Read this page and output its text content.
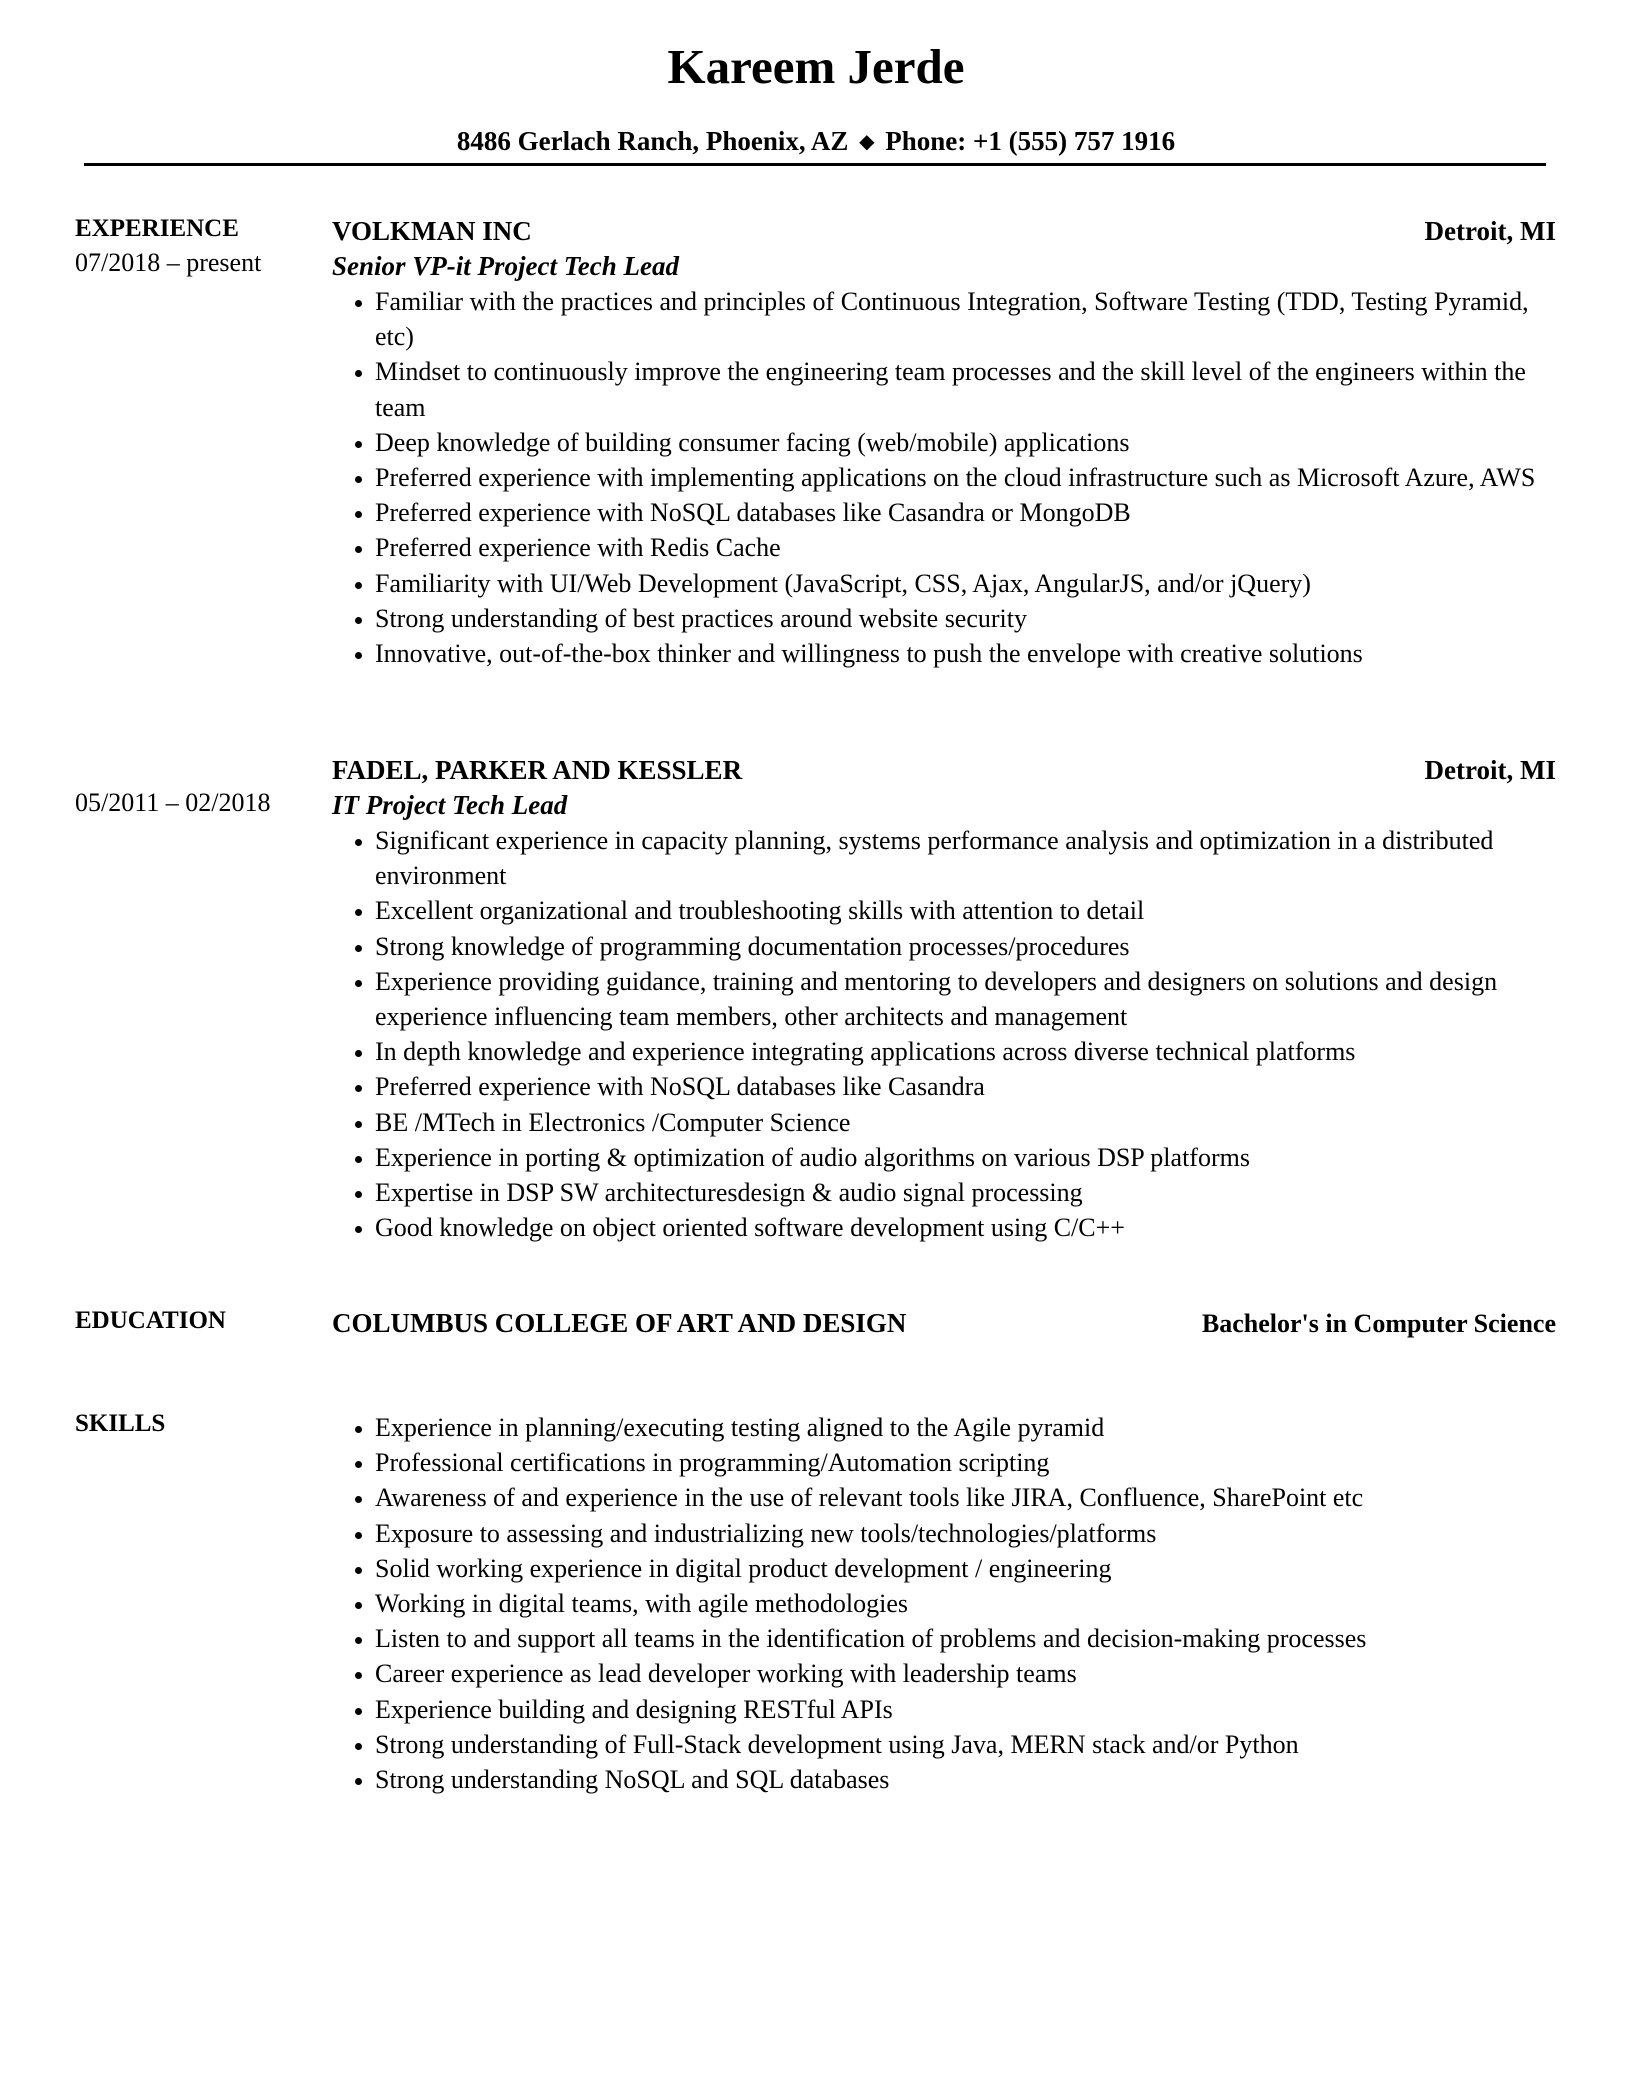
Kareem Jerde
8486 Gerlach Ranch, Phoenix, AZ ◆ Phone: +1 (555) 757 1916
EXPERIENCE
07/2018 – present
VOLKMAN INC	Detroit, MI
Senior VP-it Project Tech Lead
• Familiar with the practices and principles of Continuous Integration, Software Testing (TDD, Testing Pyramid, etc)
• Mindset to continuously improve the engineering team processes and the skill level of the engineers within the team
• Deep knowledge of building consumer facing (web/mobile) applications
• Preferred experience with implementing applications on the cloud infrastructure such as Microsoft Azure, AWS
• Preferred experience with NoSQL databases like Casandra or MongoDB
• Preferred experience with Redis Cache
• Familiarity with UI/Web Development (JavaScript, CSS, Ajax, AngularJS, and/or jQuery)
• Strong understanding of best practices around website security
• Innovative, out-of-the-box thinker and willingness to push the envelope with creative solutions
05/2011 – 02/2018
FADEL, PARKER AND KESSLER	Detroit, MI
IT Project Tech Lead
• Significant experience in capacity planning, systems performance analysis and optimization in a distributed environment
• Excellent organizational and troubleshooting skills with attention to detail
• Strong knowledge of programming documentation processes/procedures
• Experience providing guidance, training and mentoring to developers and designers on solutions and design experience influencing team members, other architects and management
• In depth knowledge and experience integrating applications across diverse technical platforms
• Preferred experience with NoSQL databases like Casandra
• BE /MTech in Electronics /Computer Science
• Experience in porting & optimization of audio algorithms on various DSP platforms
• Expertise in DSP SW architecturesdesign & audio signal processing
• Good knowledge on object oriented software development using C/C++
EDUCATION	COLUMBUS COLLEGE OF ART AND DESIGN	Bachelor's in Computer Science
SKILLS
•	Experience in planning/executing testing aligned to the Agile pyramid
• Professional certifications in programming/Automation scripting
• Awareness of and experience in the use of relevant tools like JIRA, Confluence, SharePoint etc
• Exposure to assessing and industrializing new tools/technologies/platforms
• Solid working experience in digital product development / engineering
• Working in digital teams, with agile methodologies
• Listen to and support all teams in the identification of problems and decision-making processes
• Career experience as lead developer working with leadership teams
• Experience building and designing RESTful APIs
• Strong understanding of Full-Stack development using Java, MERN stack and/or Python
• Strong understanding NoSQL and SQL databases
